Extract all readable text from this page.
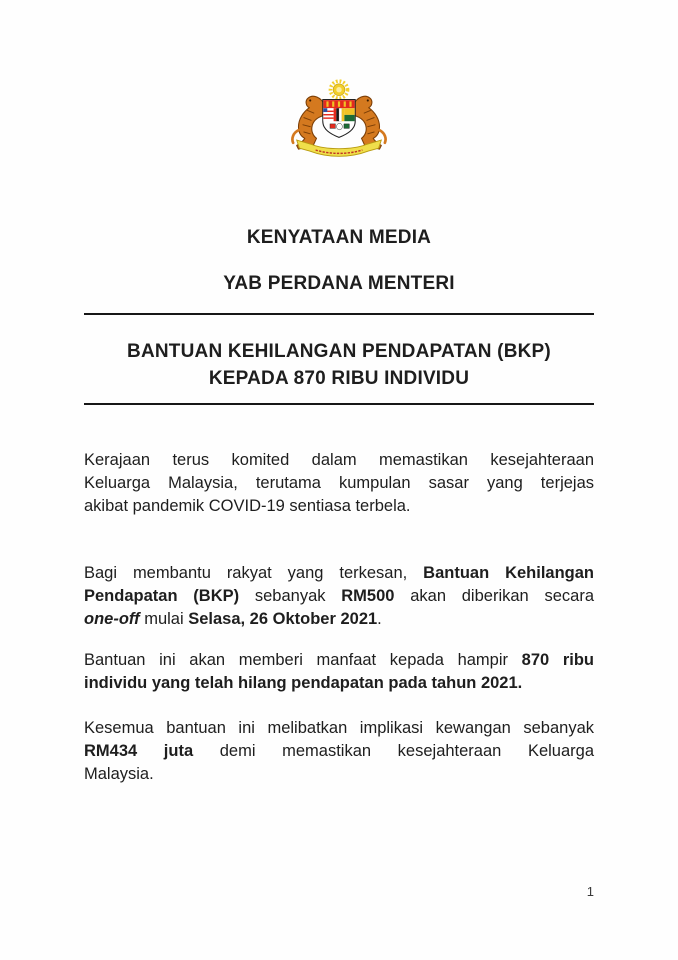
KENYATAAN MEDIA
YAB PERDANA MENTERI
BANTUAN KEHILANGAN PENDAPATAN (BKP)
KEPADA 870 RIBU INDIVIDU
Kerajaan terus komited dalam memastikan kesejahteraan
Keluarga Malaysia, terutama kumpulan sasar yang terjejas
akibat pandemik COVID-19 sentiasa terbela.
Bagi membantu rakyat yang terkesan, Bantuan Kehilangan
Pendapatan (BKP) sebanyak RM500 akan diberikan secara
one-off mulai Selasa, 26 Oktober 2021.
Bantuan ini akan memberi manfaat kepada hampir 870 ribu
individu yang telah hilang pendapatan pada tahun 2021.
Kesemua bantuan ini melibatkan implikasi kewangan sebanyak
RM434 juta demi memastikan kesejahteraan Keluarga
Malaysia.
1
